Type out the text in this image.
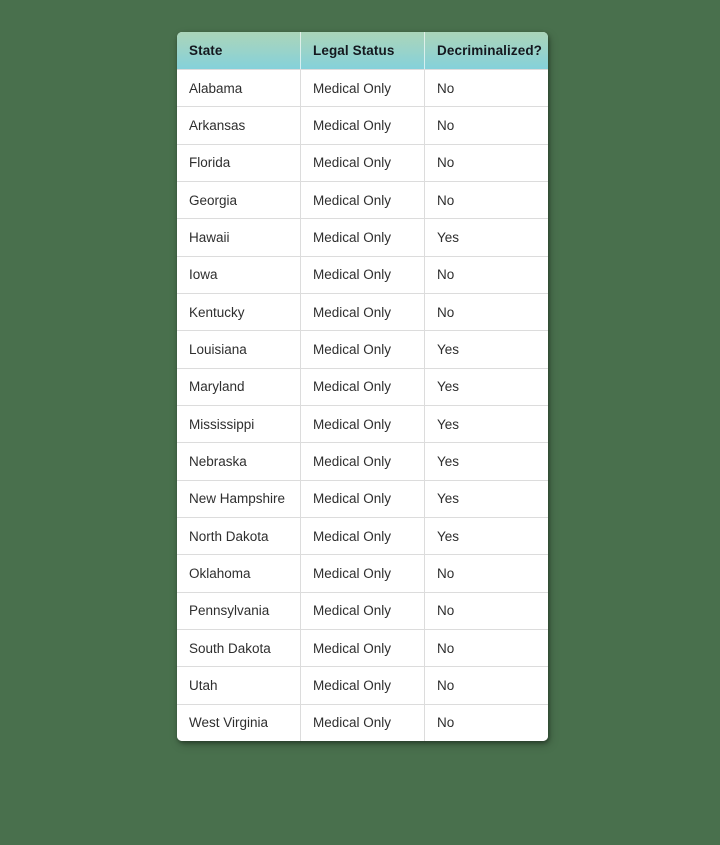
State	Legal Status	Decriminalized?
Alabama	Medical Only	No
Arkansas	Medical Only	No
Florida	Medical Only	No
Georgia	Medical Only	No
Hawaii	Medical Only	Yes
Iowa	Medical Only	No
Kentucky	Medical Only	No
Louisiana	Medical Only	Yes
Maryland	Medical Only	Yes
Mississippi	Medical Only	Yes
Nebraska	Medical Only	Yes
New Hampshire	Medical Only	Yes
North Dakota	Medical Only	Yes
Oklahoma	Medical Only	No
Pennsylvania	Medical Only	No
South Dakota	Medical Only	No
Utah	Medical Only	No
West Virginia	Medical Only	No
